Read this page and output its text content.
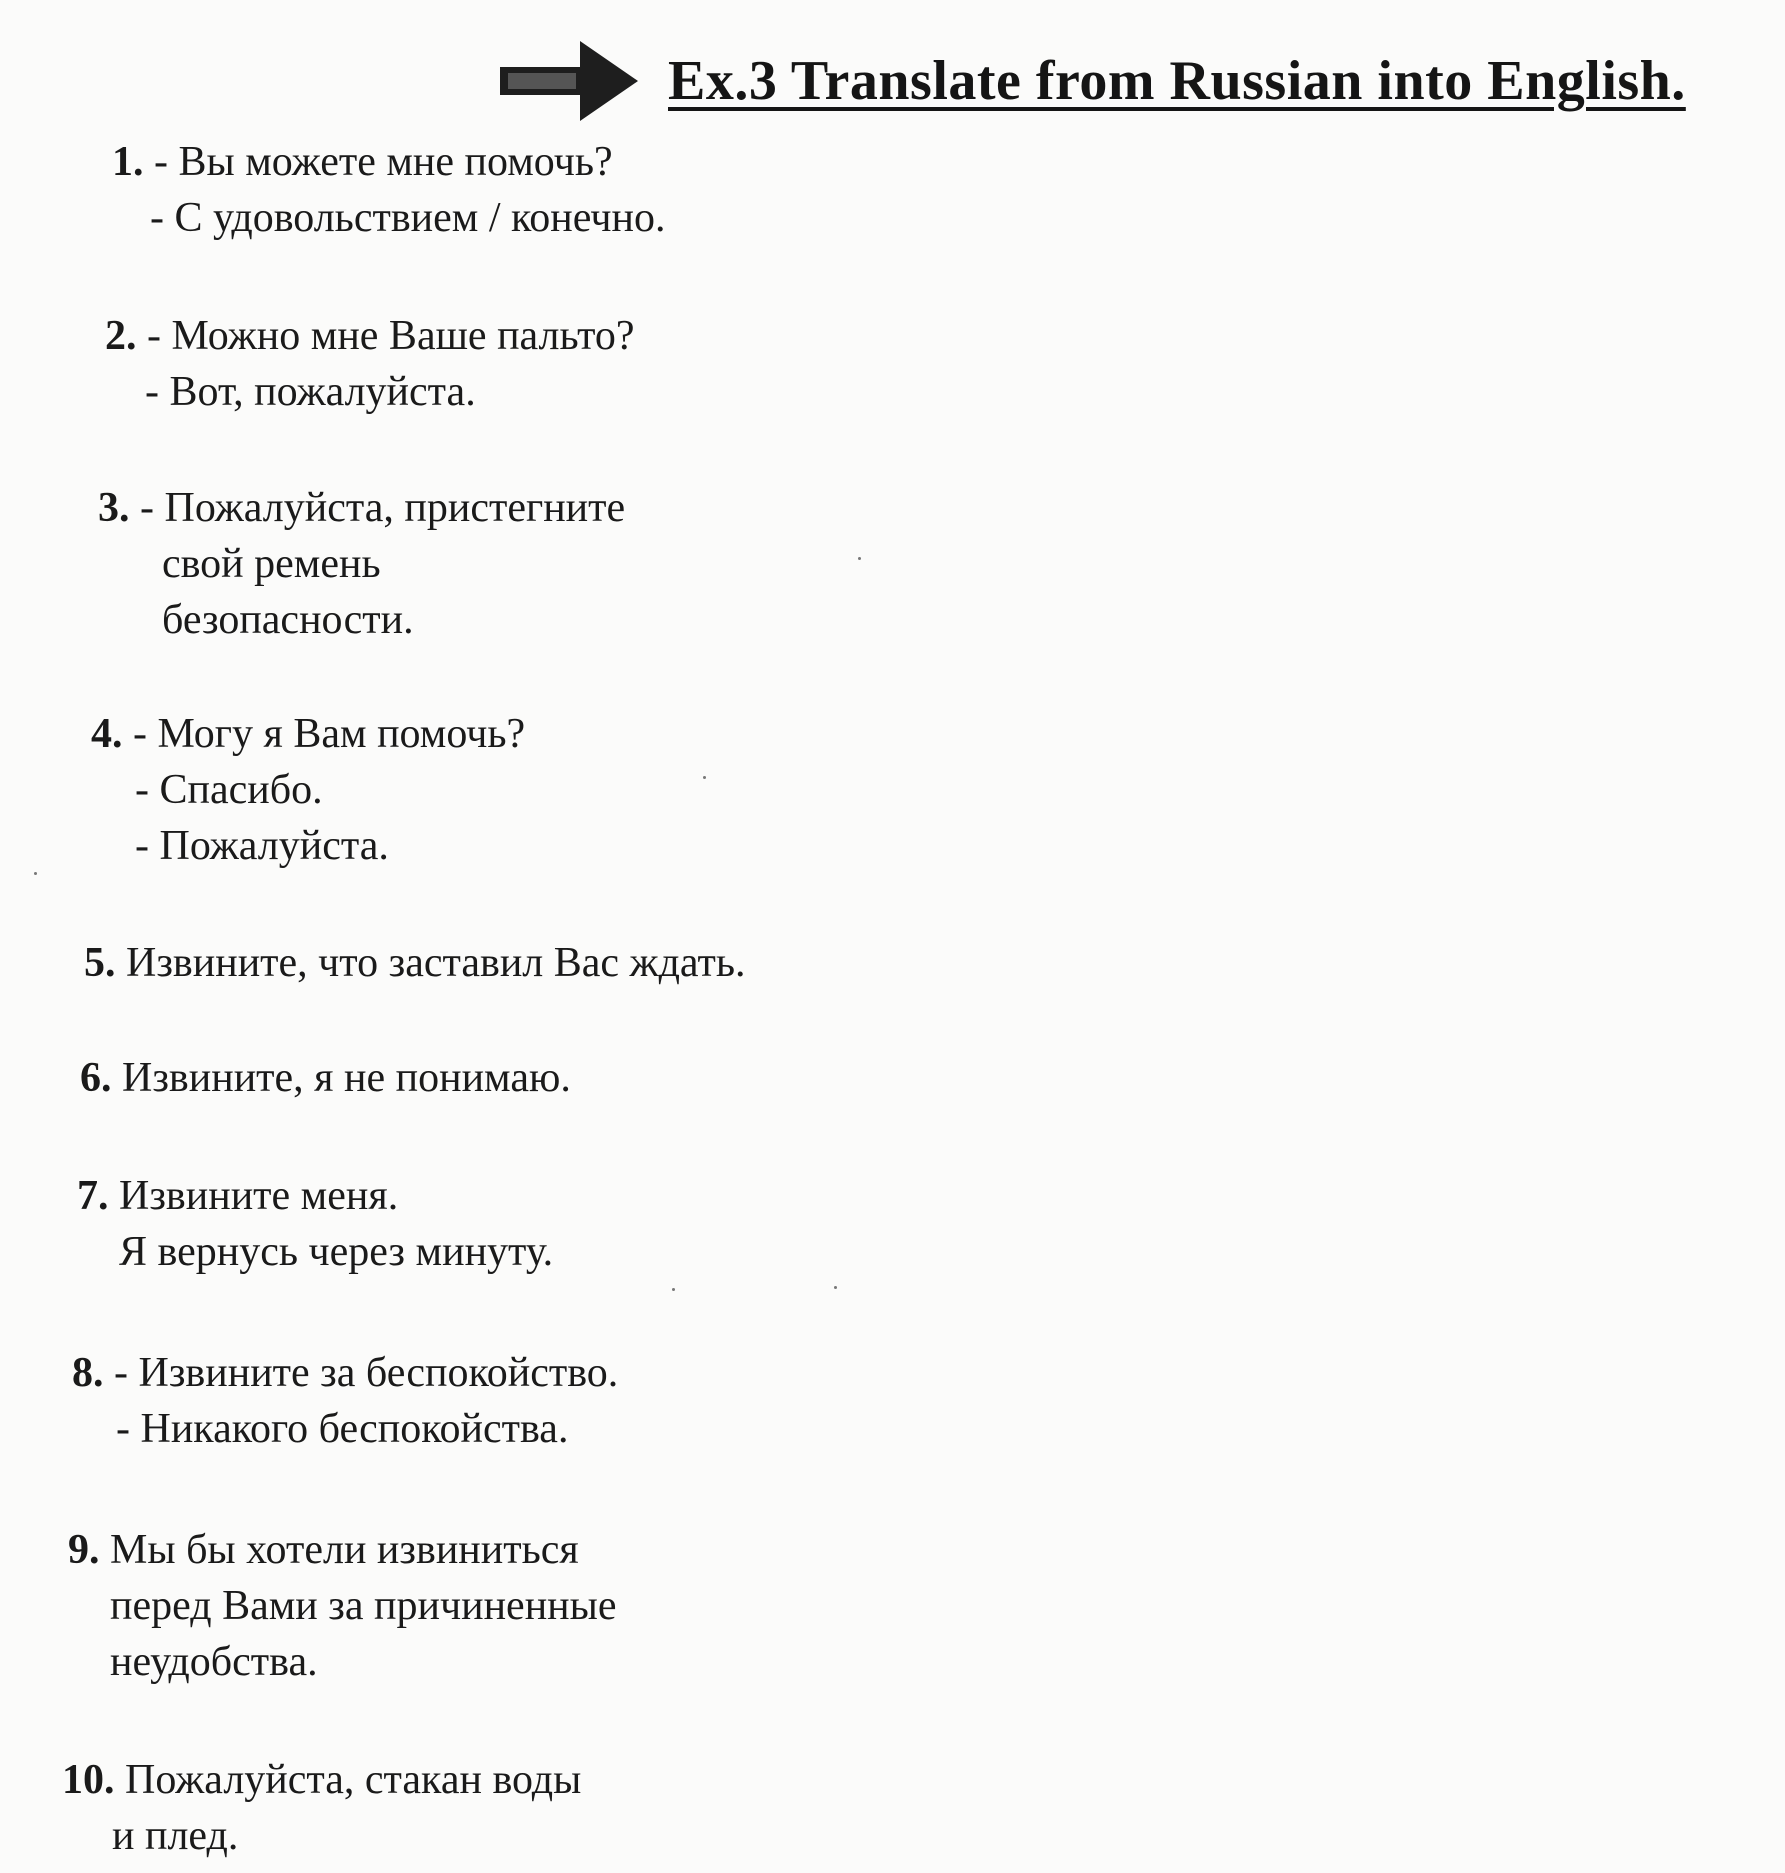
Ex.3 Translate from Russian into English.
1. - Вы можете мне помочь?
- С удовольствием / конечно.
2. - Можно мне Ваше пальто?
- Вот, пожалуйста.
3. - Пожалуйста, пристегните
свой ремень
безопасности.
4. - Могу я Вам помочь?
- Спасибо.
- Пожалуйста.
5. Извините, что заставил Вас ждать.
6. Извините, я не понимаю.
7. Извините меня.
Я вернусь через минуту.
8. - Извините за беспокойство.
- Никакого беспокойства.
9. Мы бы хотели извиниться
перед Вами за причиненные
неудобства.
10. Пожалуйста, стакан воды
и плед.
